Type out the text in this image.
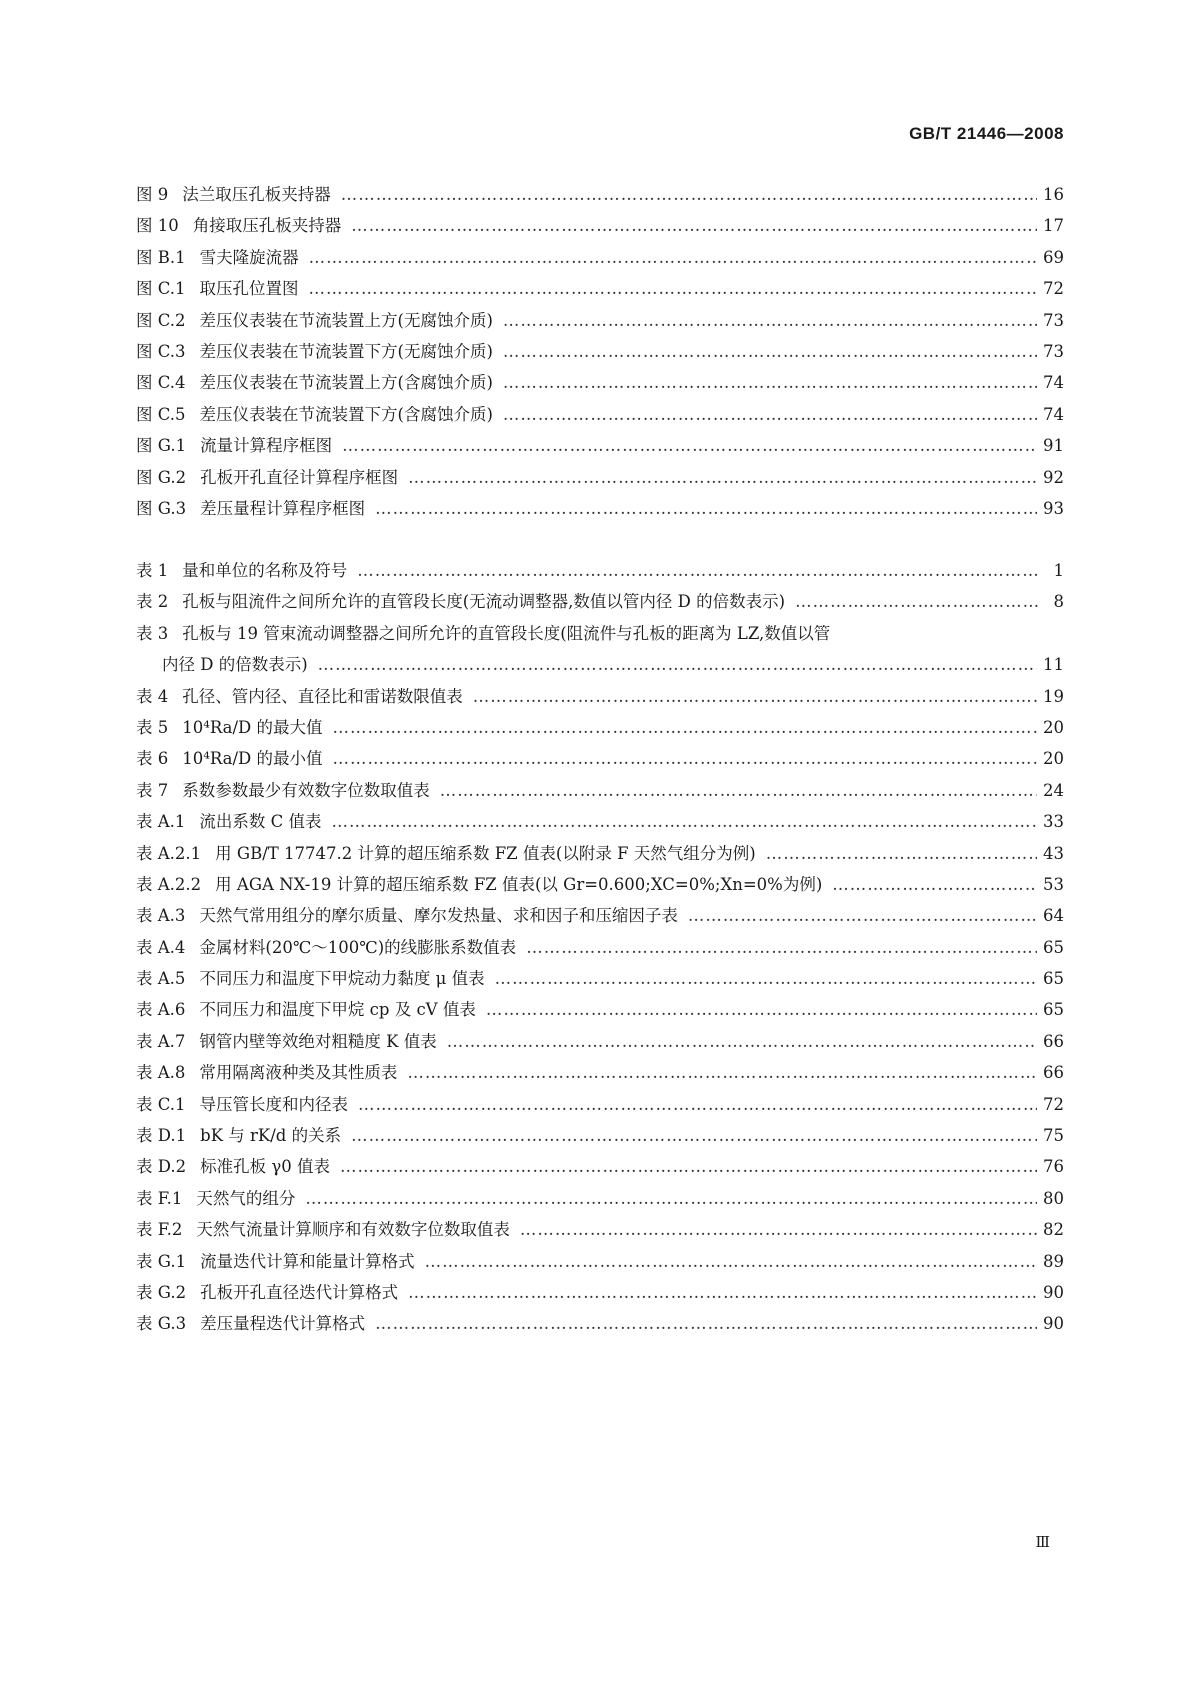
GB/T 21446—2008
图 9 法兰取压孔板夹持器 ………………………………………………………………………………………………………………………………………………………………………………………………	16
图 10 角接取压孔板夹持器 ………………………………………………………………………………………………………………………………………………………………………………………………	17
图 B.1 雪夫隆旋流器 ………………………………………………………………………………………………………………………………………………………………………………………………	69
图 C.1 取压孔位置图 ………………………………………………………………………………………………………………………………………………………………………………………………	72
图 C.2 差压仪表装在节流装置上方(无腐蚀介质) ………………………………………………………………………………………………………………………………………………………………………………………………	73
图 C.3 差压仪表装在节流装置下方(无腐蚀介质) ………………………………………………………………………………………………………………………………………………………………………………………………	73
图 C.4 差压仪表装在节流装置上方(含腐蚀介质) ………………………………………………………………………………………………………………………………………………………………………………………………	74
图 C.5 差压仪表装在节流装置下方(含腐蚀介质) ………………………………………………………………………………………………………………………………………………………………………………………………	74
图 G.1 流量计算程序框图 ………………………………………………………………………………………………………………………………………………………………………………………………	91
图 G.2 孔板开孔直径计算程序框图 ………………………………………………………………………………………………………………………………………………………………………………………………	92
图 G.3 差压量程计算程序框图 ………………………………………………………………………………………………………………………………………………………………………………………………	93
表 1 量和单位的名称及符号 ………………………………………………………………………………………………………………………………………………………………………………………………	1
表 2 孔板与阻流件之间所允许的直管段长度(无流动调整器,数值以管内径 D 的倍数表示) ………………………………………………………………………………………………………………………………………………………………………………………………	8
表 3 孔板与 19 管束流动调整器之间所允许的直管段长度(阻流件与孔板的距离为 LZ,数值以管
内径 D 的倍数表示) ………………………………………………………………………………………………………………………………………………………………………………………………	11
表 4 孔径、管内径、直径比和雷诺数限值表 ………………………………………………………………………………………………………………………………………………………………………………………………	19
表 5 10⁴Ra/D 的最大值 ………………………………………………………………………………………………………………………………………………………………………………………………	20
表 6 10⁴Ra/D 的最小值 ………………………………………………………………………………………………………………………………………………………………………………………………	20
表 7 系数参数最少有效数字位数取值表 ………………………………………………………………………………………………………………………………………………………………………………………………	24
表 A.1 流出系数 C 值表 ………………………………………………………………………………………………………………………………………………………………………………………………	33
表 A.2.1 用 GB/T 17747.2 计算的超压缩系数 FZ 值表(以附录 F 天然气组分为例) ………………………………………………………………………………………………………………………………………………………………………………………………	43
表 A.2.2 用 AGA NX-19 计算的超压缩系数 FZ 值表(以 Gr=0.600;XC=0%;Xn=0%为例) ………………………………………………………………………………………………………………………………………………………………………………………………	53
表 A.3 天然气常用组分的摩尔质量、摩尔发热量、求和因子和压缩因子表 ………………………………………………………………………………………………………………………………………………………………………………………………	64
表 A.4 金属材料(20℃～100℃)的线膨胀系数值表 ………………………………………………………………………………………………………………………………………………………………………………………………	65
表 A.5 不同压力和温度下甲烷动力黏度 μ 值表 ………………………………………………………………………………………………………………………………………………………………………………………………	65
表 A.6 不同压力和温度下甲烷 cp 及 cV 值表 ………………………………………………………………………………………………………………………………………………………………………………………………	65
表 A.7 钢管内壁等效绝对粗糙度 K 值表 ………………………………………………………………………………………………………………………………………………………………………………………………	66
表 A.8 常用隔离液种类及其性质表 ………………………………………………………………………………………………………………………………………………………………………………………………	66
表 C.1 导压管长度和内径表 ………………………………………………………………………………………………………………………………………………………………………………………………	72
表 D.1 bK 与 rK/d 的关系 ………………………………………………………………………………………………………………………………………………………………………………………………	75
表 D.2 标准孔板 γ0 值表 ………………………………………………………………………………………………………………………………………………………………………………………………	76
表 F.1 天然气的组分 ………………………………………………………………………………………………………………………………………………………………………………………………	80
表 F.2 天然气流量计算顺序和有效数字位数取值表 ………………………………………………………………………………………………………………………………………………………………………………………………	82
表 G.1 流量迭代计算和能量计算格式 ………………………………………………………………………………………………………………………………………………………………………………………………	89
表 G.2 孔板开孔直径迭代计算格式 ………………………………………………………………………………………………………………………………………………………………………………………………	90
表 G.3 差压量程迭代计算格式 ………………………………………………………………………………………………………………………………………………………………………………………………	90
Ⅲ
